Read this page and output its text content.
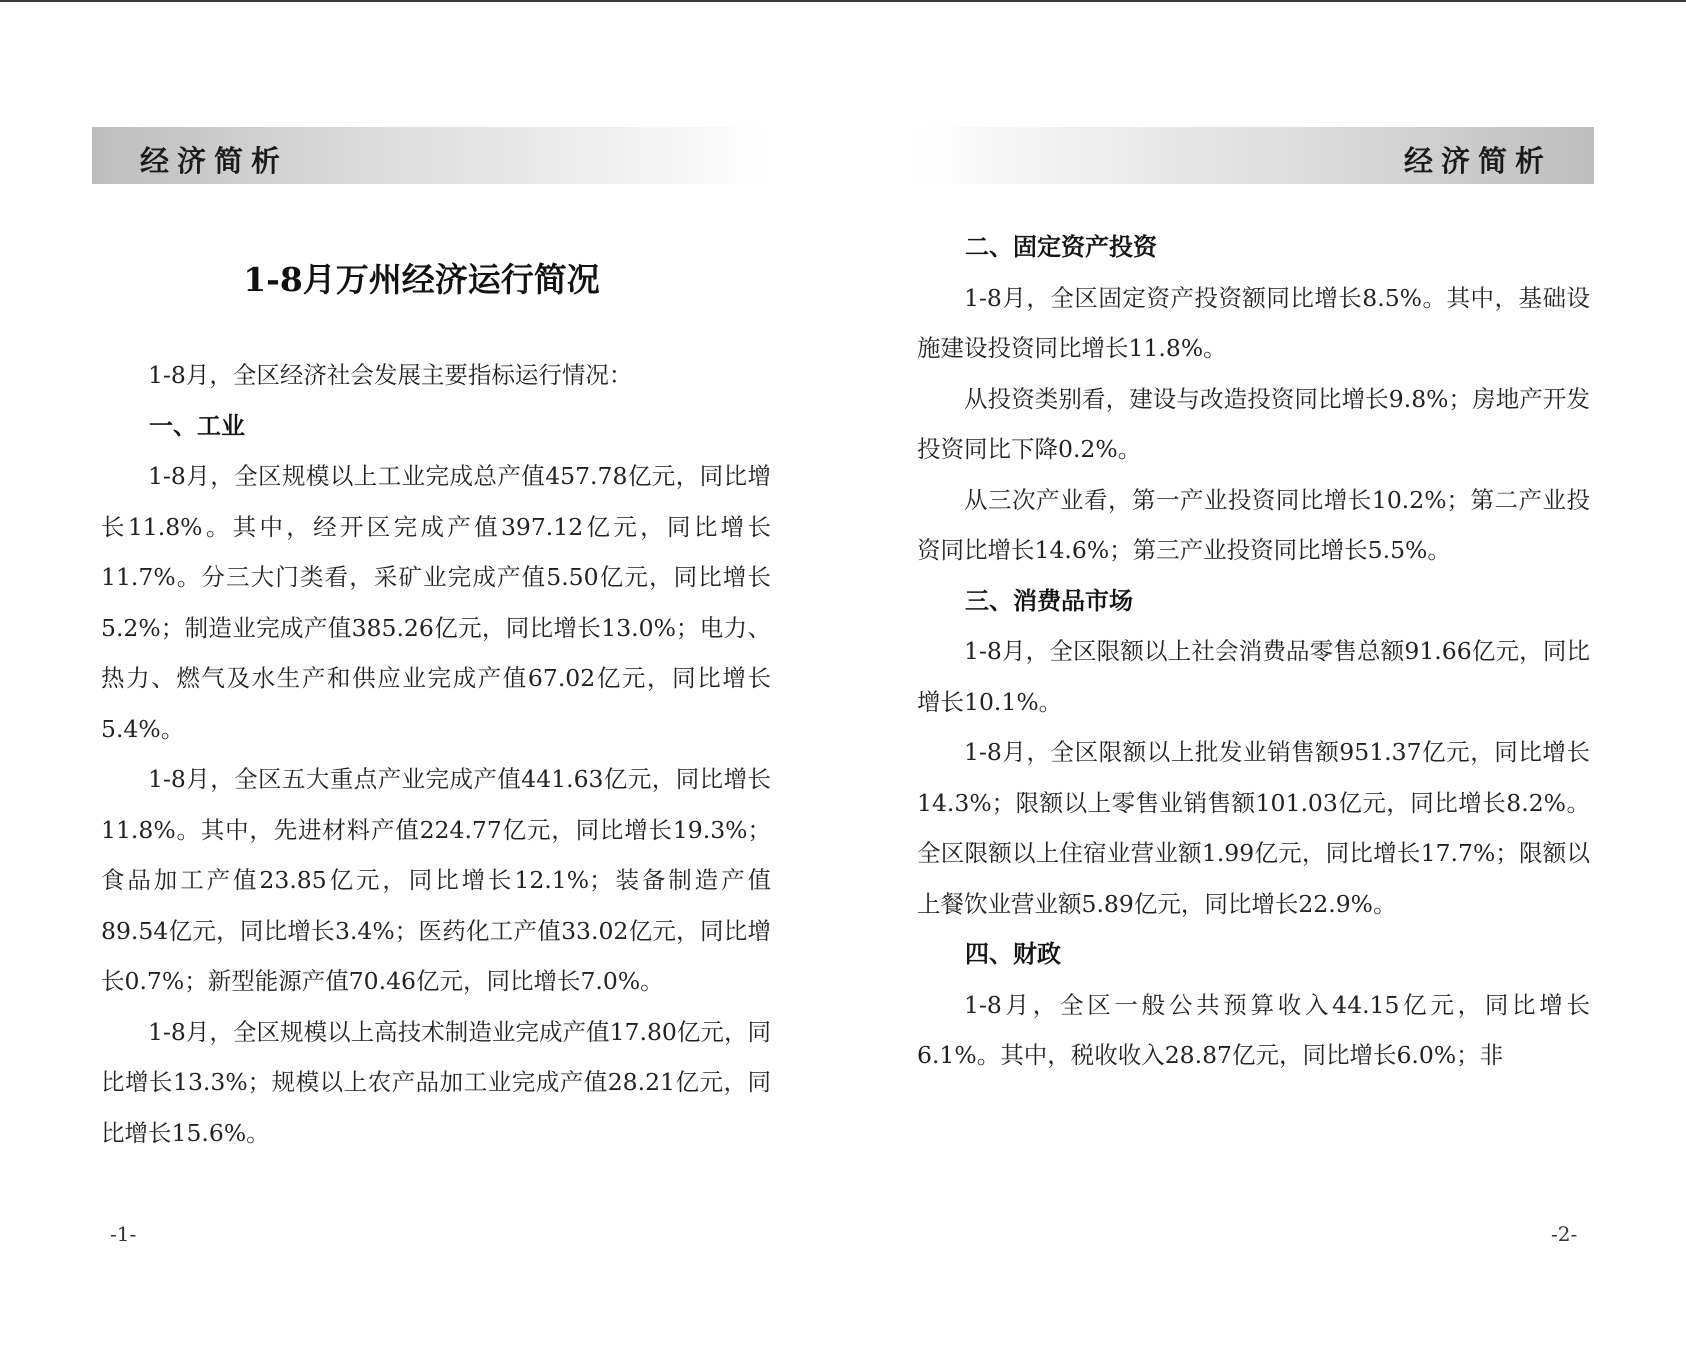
经济简析
1-8月万州经济运行简况

1-8月，全区经济社会发展主要指标运行情况：

一、工业

1-8月，全区规模以上工业完成总产值457.78亿元，同比增长11.8%。其中，经开区完成产值397.12亿元，同比增长11.7%。分三大门类看，采矿业完成产值5.50亿元，同比增长5.2%；制造业完成产值385.26亿元，同比增长13.0%；电力、热力、燃气及水生产和供应业完成产值67.02亿元，同比增长5.4%。

1-8月，全区五大重点产业完成产值441.63亿元，同比增长11.8%。其中，先进材料产值224.77亿元，同比增长19.3%；食品加工产值23.85亿元，同比增长12.1%；装备制造产值89.54亿元，同比增长3.4%；医药化工产值33.02亿元，同比增长0.7%；新型能源产值70.46亿元，同比增长7.0%。

1-8月，全区规模以上高技术制造业完成产值17.80亿元，同比增长13.3%；规模以上农产品加工业完成产值28.21亿元，同比增长15.6%。

-1-
经济简析
二、固定资产投资

1-8月，全区固定资产投资额同比增长8.5%。其中，基础设施建设投资同比增长11.8%。

从投资类别看，建设与改造投资同比增长9.8%；房地产开发投资同比下降0.2%。

从三次产业看，第一产业投资同比增长10.2%；第二产业投资同比增长14.6%；第三产业投资同比增长5.5%。

三、消费品市场

1-8月，全区限额以上社会消费品零售总额91.66亿元，同比增长10.1%。

1-8月，全区限额以上批发业销售额951.37亿元，同比增长14.3%；限额以上零售业销售额101.03亿元，同比增长8.2%。全区限额以上住宿业营业额1.99亿元，同比增长17.7%；限额以上餐饮业营业额5.89亿元，同比增长22.9%。

四、财政

1-8月，全区一般公共预算收入44.15亿元，同比增长6.1%。其中，税收收入28.87亿元，同比增长6.0%；非

-2-
